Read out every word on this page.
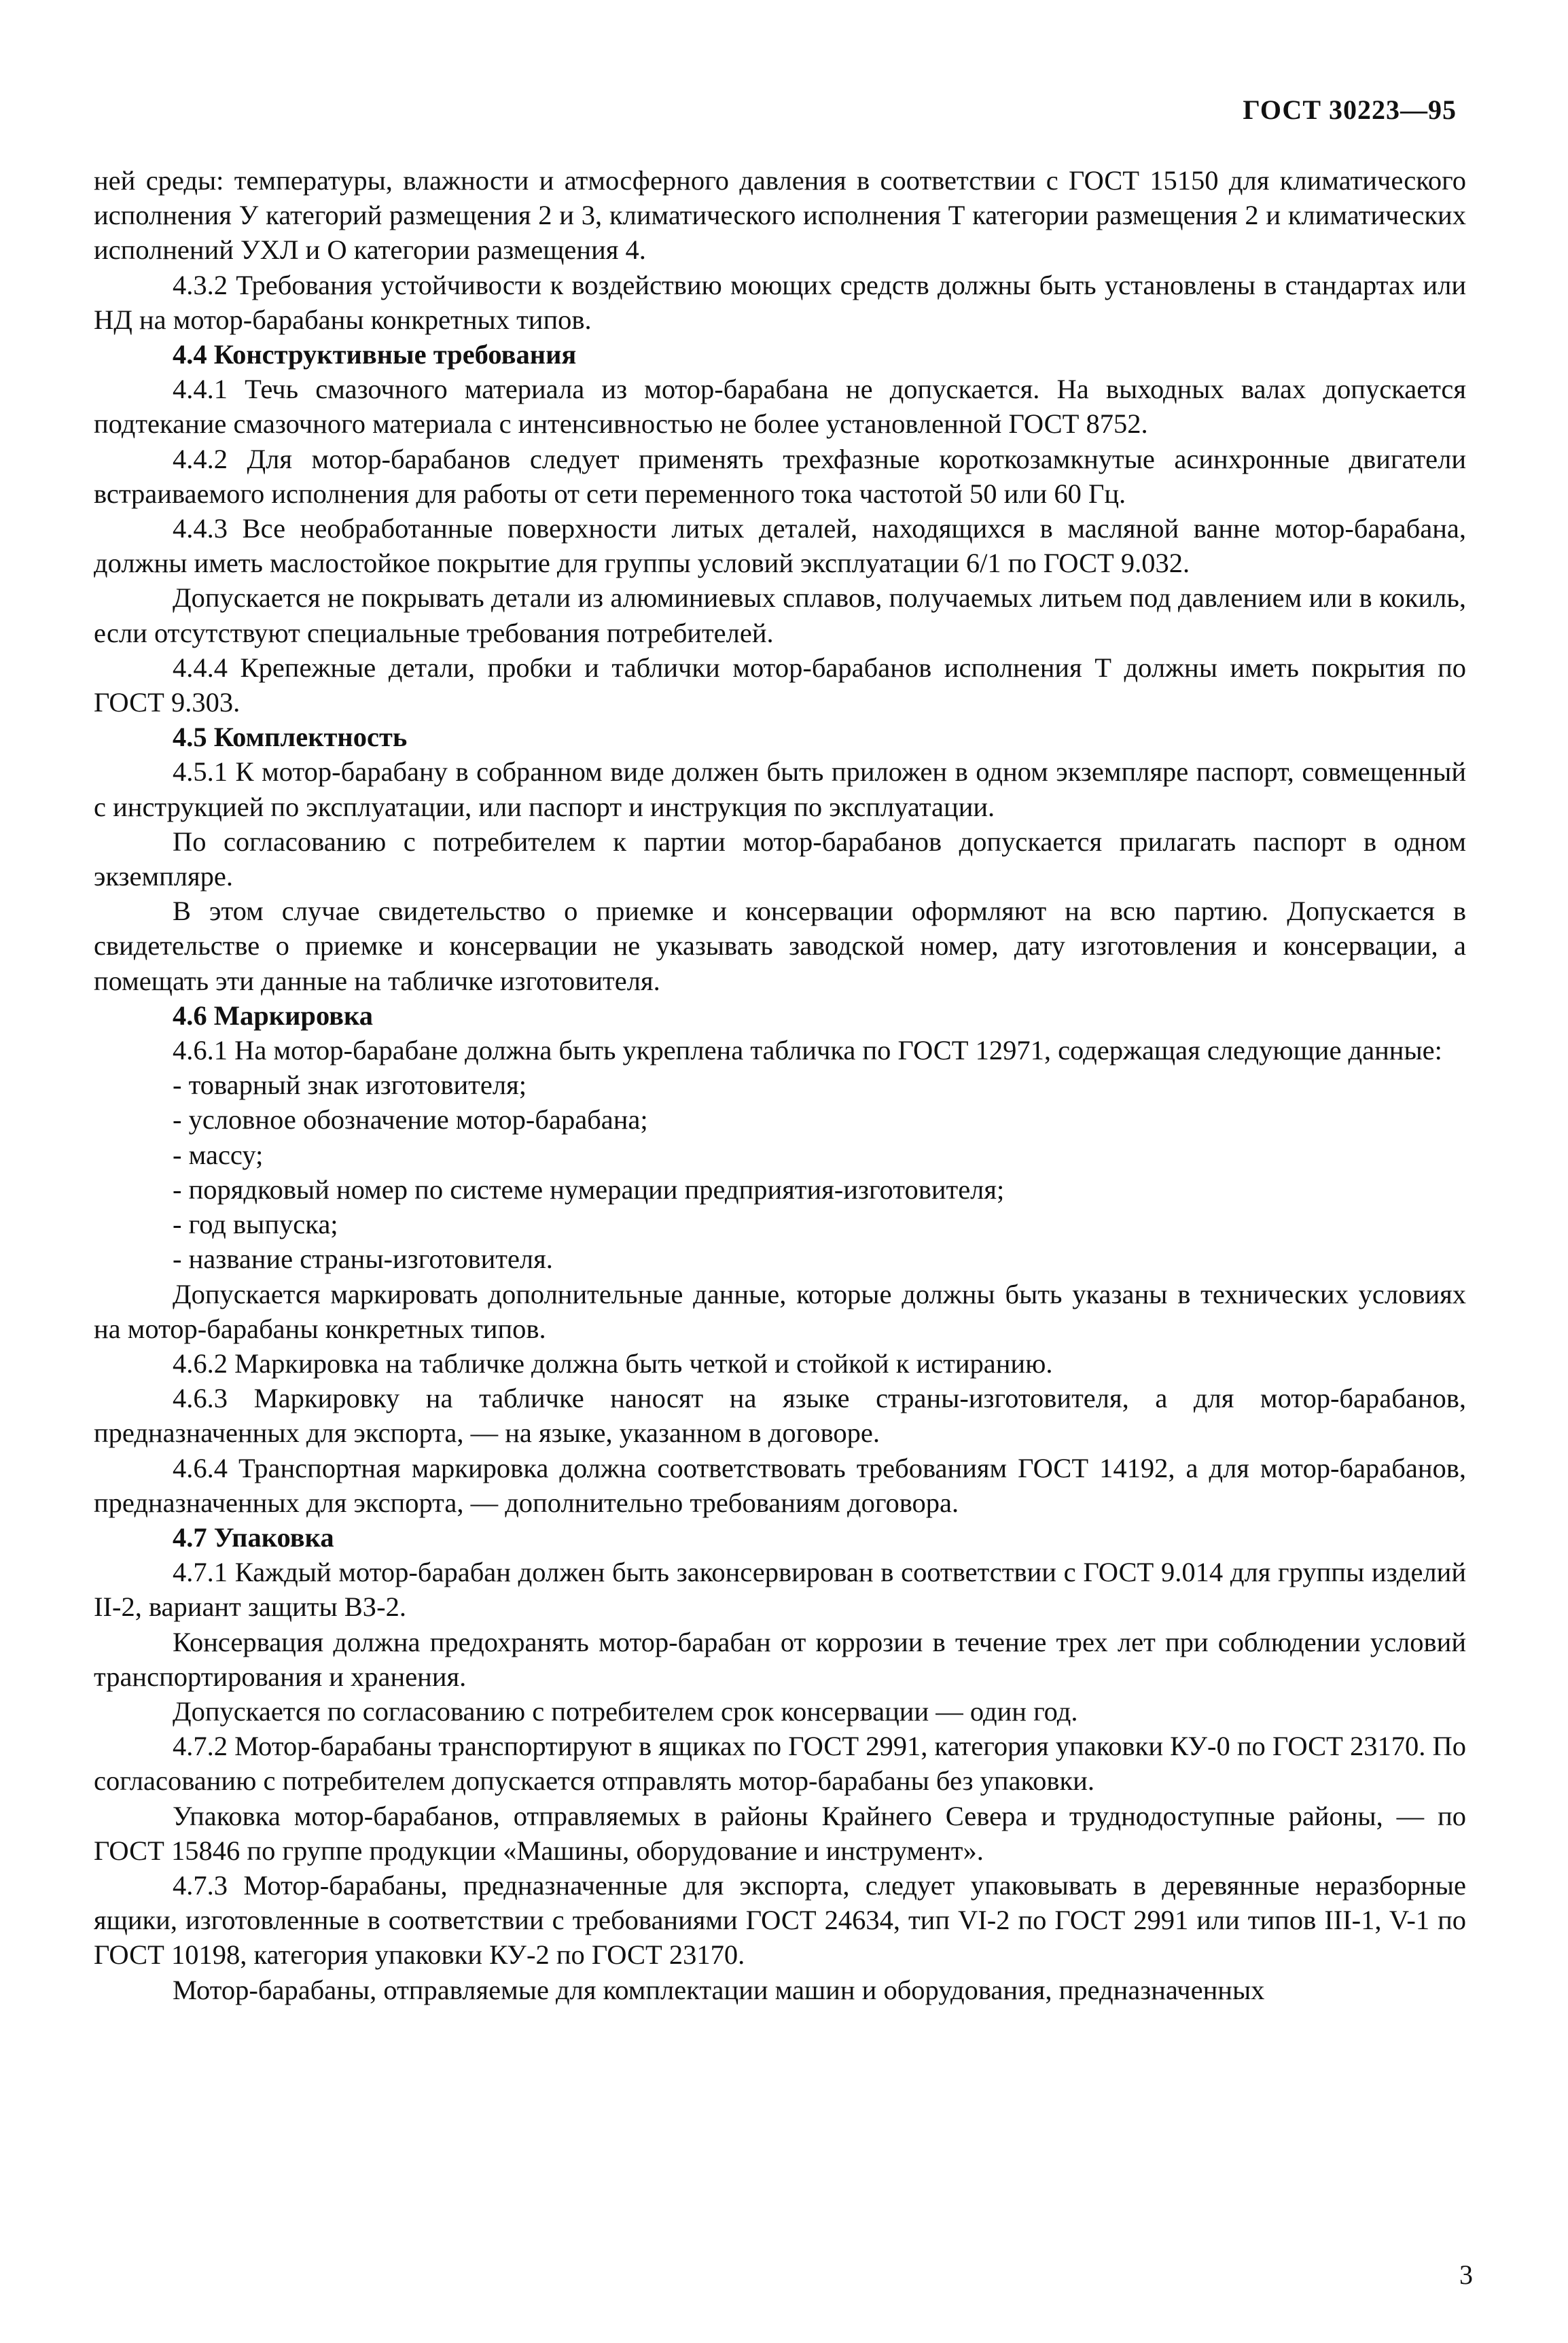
ГОСТ 30223—95

ней среды: температуры, влажности и атмосферного давления в соответствии с ГОСТ 15150 для климатического исполнения У категорий размещения 2 и 3, климатического исполнения Т категории размещения 2 и климатических исполнений УХЛ и О категории размещения 4.

4.3.2 Требования устойчивости к воздействию моющих средств должны быть установлены в стандартах или НД на мотор-барабаны конкретных типов.

4.4 Конструктивные требования

4.4.1 Течь смазочного материала из мотор-барабана не допускается. На выходных валах допускается подтекание смазочного материала с интенсивностью не более установленной ГОСТ 8752.

4.4.2 Для мотор-барабанов следует применять трехфазные короткозамкнутые асинхронные двигатели встраиваемого исполнения для работы от сети переменного тока частотой 50 или 60 Гц.

4.4.3 Все необработанные поверхности литых деталей, находящихся в масляной ванне мотор-барабана, должны иметь маслостойкое покрытие для группы условий эксплуатации 6/1 по ГОСТ 9.032.

Допускается не покрывать детали из алюминиевых сплавов, получаемых литьем под давлением или в кокиль, если отсутствуют специальные требования потребителей.

4.4.4 Крепежные детали, пробки и таблички мотор-барабанов исполнения Т должны иметь покрытия по ГОСТ 9.303.

4.5 Комплектность

4.5.1 К мотор-барабану в собранном виде должен быть приложен в одном экземпляре паспорт, совмещенный с инструкцией по эксплуатации, или паспорт и инструкция по эксплуатации.

По согласованию с потребителем к партии мотор-барабанов допускается прилагать паспорт в одном экземпляре.

В этом случае свидетельство о приемке и консервации оформляют на всю партию. Допускается в свидетельстве о приемке и консервации не указывать заводской номер, дату изготовления и консервации, а помещать эти данные на табличке изготовителя.

4.6 Маркировка

4.6.1 На мотор-барабане должна быть укреплена табличка по ГОСТ 12971, содержащая следующие данные:

- товарный знак изготовителя;

- условное обозначение мотор-барабана;

- массу;

- порядковый номер по системе нумерации предприятия-изготовителя;

- год выпуска;

- название страны-изготовителя.

Допускается маркировать дополнительные данные, которые должны быть указаны в технических условиях на мотор-барабаны конкретных типов.

4.6.2 Маркировка на табличке должна быть четкой и стойкой к истиранию.

4.6.3 Маркировку на табличке наносят на языке страны-изготовителя, а для мотор-барабанов, предназначенных для экспорта, — на языке, указанном в договоре.

4.6.4 Транспортная маркировка должна соответствовать требованиям ГОСТ 14192, а для мотор-барабанов, предназначенных для экспорта, — дополнительно требованиям договора.

4.7 Упаковка

4.7.1 Каждый мотор-барабан должен быть законсервирован в соответствии с ГОСТ 9.014 для группы изделий II-2, вариант защиты ВЗ-2.

Консервация должна предохранять мотор-барабан от коррозии в течение трех лет при соблюдении условий транспортирования и хранения.

Допускается по согласованию с потребителем срок консервации — один год.

4.7.2 Мотор-барабаны транспортируют в ящиках по ГОСТ 2991, категория упаковки КУ-0 по ГОСТ 23170. По согласованию с потребителем допускается отправлять мотор-барабаны без упаковки.

Упаковка мотор-барабанов, отправляемых в районы Крайнего Севера и труднодоступные районы, — по ГОСТ 15846 по группе продукции «Машины, оборудование и инструмент».

4.7.3 Мотор-барабаны, предназначенные для экспорта, следует упаковывать в деревянные неразборные ящики, изготовленные в соответствии с требованиями ГОСТ 24634, тип VI-2 по ГОСТ 2991 или типов III-1, V-1 по ГОСТ 10198, категория упаковки КУ-2 по ГОСТ 23170.

Мотор-барабаны, отправляемые для комплектации машин и оборудования, предназначенных

3
